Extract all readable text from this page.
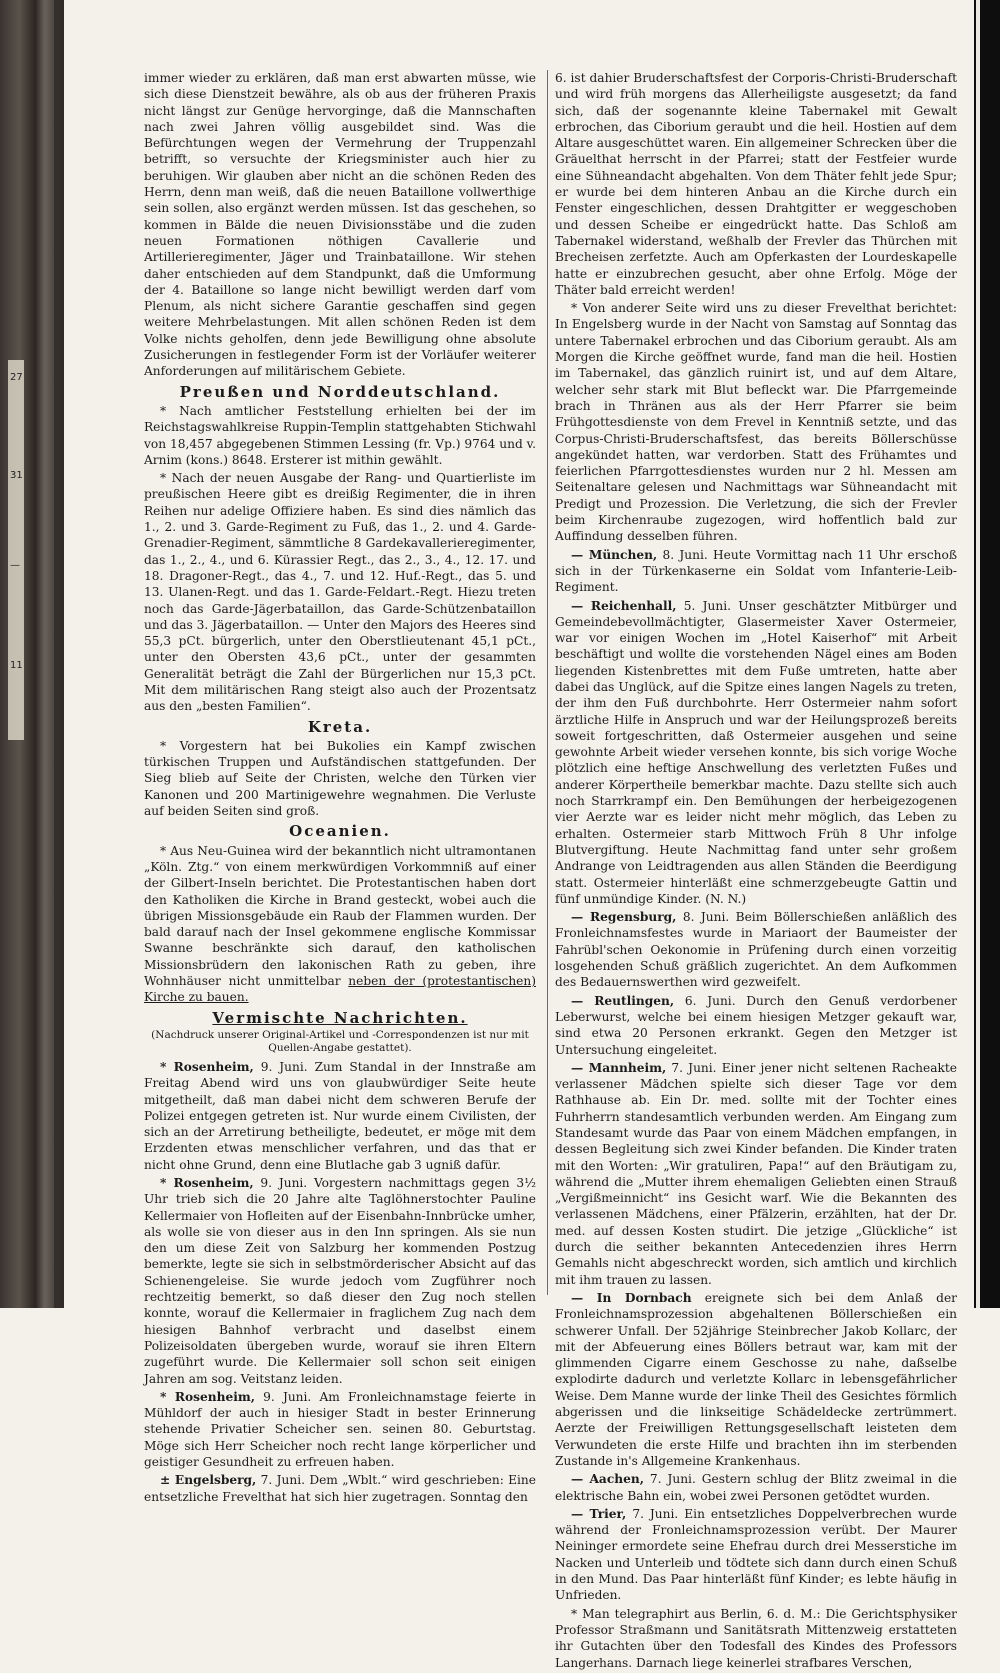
27
31
—
11

immer wieder zu erklären, daß man erst abwarten müsse, wie sich diese Dienstzeit bewähre, als ob aus der früheren Praxis nicht längst zur Genüge hervorginge, daß die Mannschaften nach zwei Jahren völlig ausgebildet sind. Was die Befürchtungen wegen der Vermehrung der Truppenzahl betrifft, so versuchte der Kriegsminister auch hier zu beruhigen. Wir glauben aber nicht an die schönen Reden des Herrn, denn man weiß, daß die neuen Bataillone vollwerthige sein sollen, also ergänzt werden müssen. Ist das geschehen, so kommen in Bälde die neuen Divisionsstäbe und die zuden neuen Formationen nöthigen Cavallerie und Artillerieregimenter, Jäger und Trainbataillone. Wir stehen daher entschieden auf dem Standpunkt, daß die Umformung der 4. Bataillone so lange nicht bewilligt werden darf vom Plenum, als nicht sichere Garantie geschaffen sind gegen weitere Mehrbelastungen. Mit allen schönen Reden ist dem Volke nichts geholfen, denn jede Bewilligung ohne absolute Zusicherungen in festlegender Form ist der Vorläufer weiterer Anforderungen auf militärischem Gebiete.

Preußen und Norddeutschland.

* Nach amtlicher Feststellung erhielten bei der im Reichstagswahlkreise Ruppin-Templin stattgehabten Stichwahl von 18,457 abgegebenen Stimmen Lessing (fr. Vp.) 9764 und v. Arnim (kons.) 8648. Ersterer ist mithin gewählt.

* Nach der neuen Ausgabe der Rang- und Quartierliste im preußischen Heere gibt es dreißig Regimenter, die in ihren Reihen nur adelige Offiziere haben. Es sind dies nämlich das 1., 2. und 3. Garde-Regiment zu Fuß, das 1., 2. und 4. Garde-Grenadier-Regiment, sämmtliche 8 Gardekavallerieregimenter, das 1., 2., 4., und 6. Kürassier Regt., das 2., 3., 4., 12. 17. und 18. Dragoner-Regt., das 4., 7. und 12. Huf.-Regt., das 5. und 13. Ulanen-Regt. und das 1. Garde-Feldart.-Regt. Hiezu treten noch das Garde-Jägerbataillon, das Garde-Schützenbataillon und das 3. Jägerbataillon. — Unter den Majors des Heeres sind 55,3 pCt. bürgerlich, unter den Oberstlieutenant 45,1 pCt., unter den Obersten 43,6 pCt., unter der gesammten Generalität beträgt die Zahl der Bürgerlichen nur 15,3 pCt. Mit dem militärischen Rang steigt also auch der Prozentsatz aus den „besten Familien“.

Kreta.

* Vorgestern hat bei Bukolies ein Kampf zwischen türkischen Truppen und Aufständischen stattgefunden. Der Sieg blieb auf Seite der Christen, welche den Türken vier Kanonen und 200 Martinigewehre wegnahmen. Die Verluste auf beiden Seiten sind groß.

Oceanien.

* Aus Neu-Guinea wird der bekanntlich nicht ultramontanen „Köln. Ztg.“ von einem merkwürdigen Vorkommniß auf einer der Gilbert-Inseln berichtet. Die Protestantischen haben dort den Katholiken die Kirche in Brand gesteckt, wobei auch die übrigen Missionsgebäude ein Raub der Flammen wurden. Der bald darauf nach der Insel gekommene englische Kommissar Swanne beschränkte sich darauf, den katholischen Missionsbrüdern den lakonischen Rath zu geben, ihre Wohnhäuser nicht unmittelbar neben der (protestantischen) Kirche zu bauen.

Vermischte Nachrichten.
(Nachdruck unserer Original-Artikel und -Correspondenzen ist nur mit Quellen-Angabe gestattet).

* Rosenheim, 9. Juni. Zum Standal in der Innstraße am Freitag Abend wird uns von glaubwürdiger Seite heute mitgetheilt, daß man dabei nicht dem schweren Berufe der Polizei entgegen getreten ist. Nur wurde einem Civilisten, der sich an der Arretirung betheiligte, bedeutet, er möge mit dem Erzdenten etwas menschlicher verfahren, und das that er nicht ohne Grund, denn eine Blutlache gab 3 ugniß dafür.

* Rosenheim, 9. Juni. Vorgestern nachmittags gegen 3½ Uhr trieb sich die 20 Jahre alte Taglöhnerstochter Pauline Kellermaier von Hofleiten auf der Eisenbahn-Innbrücke umher, als wolle sie von dieser aus in den Inn springen. Als sie nun den um diese Zeit von Salzburg her kommenden Postzug bemerkte, legte sie sich in selbstmörderischer Absicht auf das Schienengeleise. Sie wurde jedoch vom Zugführer noch rechtzeitig bemerkt, so daß dieser den Zug noch stellen konnte, worauf die Kellermaier in fraglichem Zug nach dem hiesigen Bahnhof verbracht und daselbst einem Polizeisoldaten übergeben wurde, worauf sie ihren Eltern zugeführt wurde. Die Kellermaier soll schon seit einigen Jahren am sog. Veitstanz leiden.

* Rosenheim, 9. Juni. Am Fronleichnamstage feierte in Mühldorf der auch in hiesiger Stadt in bester Erinnerung stehende Privatier Scheicher sen. seinen 80. Geburtstag. Möge sich Herr Scheicher noch recht lange körperlicher und geistiger Gesundheit zu erfreuen haben.

± Engelsberg, 7. Juni. Dem „Wblt.“ wird geschrieben: Eine entsetzliche Frevelthat hat sich hier zugetragen. Sonntag den

6. ist dahier Bruderschaftsfest der Corporis-Christi-Bruderschaft und wird früh morgens das Allerheiligste ausgesetzt; da fand sich, daß der sogenannte kleine Tabernakel mit Gewalt erbrochen, das Ciborium geraubt und die heil. Hostien auf dem Altare ausgeschüttet waren. Ein allgemeiner Schrecken über die Gräuelthat herrscht in der Pfarrei; statt der Festfeier wurde eine Sühneandacht abgehalten. Von dem Thäter fehlt jede Spur; er wurde bei dem hinteren Anbau an die Kirche durch ein Fenster eingeschlichen, dessen Drahtgitter er weggeschoben und dessen Scheibe er eingedrückt hatte. Das Schloß am Tabernakel widerstand, weßhalb der Frevler das Thürchen mit Brecheisen zerfetzte. Auch am Opferkasten der Lourdeskapelle hatte er einzubrechen gesucht, aber ohne Erfolg. Möge der Thäter bald erreicht werden!

* Von anderer Seite wird uns zu dieser Frevelthat berichtet: In Engelsberg wurde in der Nacht von Samstag auf Sonntag das untere Tabernakel erbrochen und das Ciborium geraubt. Als am Morgen die Kirche geöffnet wurde, fand man die heil. Hostien im Tabernakel, das gänzlich ruinirt ist, und auf dem Altare, welcher sehr stark mit Blut befleckt war. Die Pfarrgemeinde brach in Thränen aus als der Herr Pfarrer sie beim Frühgottesdienste von dem Frevel in Kenntniß setzte, und das Corpus-Christi-Bruderschaftsfest, das bereits Böllerschüsse angekündet hatten, war verdorben. Statt des Frühamtes und feierlichen Pfarrgottesdienstes wurden nur 2 hl. Messen am Seitenaltare gelesen und Nachmittags war Sühneandacht mit Predigt und Prozession. Die Verletzung, die sich der Frevler beim Kirchenraube zugezogen, wird hoffentlich bald zur Auffindung desselben führen.

— München, 8. Juni. Heute Vormittag nach 11 Uhr erschoß sich in der Türkenkaserne ein Soldat vom Infanterie-Leib-Regiment.

— Reichenhall, 5. Juni. Unser geschätzter Mitbürger und Gemeindebevollmächtigter, Glasermeister Xaver Ostermeier, war vor einigen Wochen im „Hotel Kaiserhof“ mit Arbeit beschäftigt und wollte die vorstehenden Nägel eines am Boden liegenden Kistenbrettes mit dem Fuße umtreten, hatte aber dabei das Unglück, auf die Spitze eines langen Nagels zu treten, der ihm den Fuß durchbohrte. Herr Ostermeier nahm sofort ärztliche Hilfe in Anspruch und war der Heilungsprozeß bereits soweit fortgeschritten, daß Ostermeier ausgehen und seine gewohnte Arbeit wieder versehen konnte, bis sich vorige Woche plötzlich eine heftige Anschwellung des verletzten Fußes und anderer Körpertheile bemerkbar machte. Dazu stellte sich auch noch Starrkrampf ein. Den Bemühungen der herbeigezogenen vier Aerzte war es leider nicht mehr möglich, das Leben zu erhalten. Ostermeier starb Mittwoch Früh 8 Uhr infolge Blutvergiftung. Heute Nachmittag fand unter sehr großem Andrange von Leidtragenden aus allen Ständen die Beerdigung statt. Ostermeier hinterläßt eine schmerzgebeugte Gattin und fünf unmündige Kinder. (N. N.)

— Regensburg, 8. Juni. Beim Böllerschießen anläßlich des Fronleichnamsfestes wurde in Mariaort der Baumeister der Fahrübl'schen Oekonomie in Prüfening durch einen vorzeitig losgehenden Schuß gräßlich zugerichtet. An dem Aufkommen des Bedauernswerthen wird gezweifelt.

— Reutlingen, 6. Juni. Durch den Genuß verdorbener Leberwurst, welche bei einem hiesigen Metzger gekauft war, sind etwa 20 Personen erkrankt. Gegen den Metzger ist Untersuchung eingeleitet.

— Mannheim, 7. Juni. Einer jener nicht seltenen Racheakte verlassener Mädchen spielte sich dieser Tage vor dem Rathhause ab. Ein Dr. med. sollte mit der Tochter eines Fuhrherrn standesamtlich verbunden werden. Am Eingang zum Standesamt wurde das Paar von einem Mädchen empfangen, in dessen Begleitung sich zwei Kinder befanden. Die Kinder traten mit den Worten: „Wir gratuliren, Papa!“ auf den Bräutigam zu, während die „Mutter ihrem ehemaligen Geliebten einen Strauß „Vergißmeinnicht“ ins Gesicht warf. Wie die Bekannten des verlassenen Mädchens, einer Pfälzerin, erzählten, hat der Dr. med. auf dessen Kosten studirt. Die jetzige „Glückliche“ ist durch die seither bekannten Antecedenzien ihres Herrn Gemahls nicht abgeschreckt worden, sich amtlich und kirchlich mit ihm trauen zu lassen.

— In Dornbach ereignete sich bei dem Anlaß der Fronleichnamsprozession abgehaltenen Böllerschießen ein schwerer Unfall. Der 52jährige Steinbrecher Jakob Kollarc, der mit der Abfeuerung eines Böllers betraut war, kam mit der glimmenden Cigarre einem Geschosse zu nahe, daßselbe explodirte dadurch und verletzte Kollarc in lebensgefährlicher Weise. Dem Manne wurde der linke Theil des Gesichtes förmlich abgerissen und die linkseitige Schädeldecke zertrümmert. Aerzte der Freiwilligen Rettungsgesellschaft leisteten dem Verwundeten die erste Hilfe und brachten ihn im sterbenden Zustande in's Allgemeine Krankenhaus.

— Aachen, 7. Juni. Gestern schlug der Blitz zweimal in die elektrische Bahn ein, wobei zwei Personen getödtet wurden.

— Trier, 7. Juni. Ein entsetzliches Doppelverbrechen wurde während der Fronleichnamsprozession verübt. Der Maurer Neininger ermordete seine Ehefrau durch drei Messerstiche im Nacken und Unterleib und tödtete sich dann durch einen Schuß in den Mund. Das Paar hinterläßt fünf Kinder; es lebte häufig in Unfrieden.

* Man telegraphirt aus Berlin, 6. d. M.: Die Gerichtsphysiker Professor Straßmann und Sanitätsrath Mittenzweig erstatteten ihr Gutachten über den Todesfall des Kindes des Professors Langerhans. Darnach liege keinerlei strafbares Verschen,
